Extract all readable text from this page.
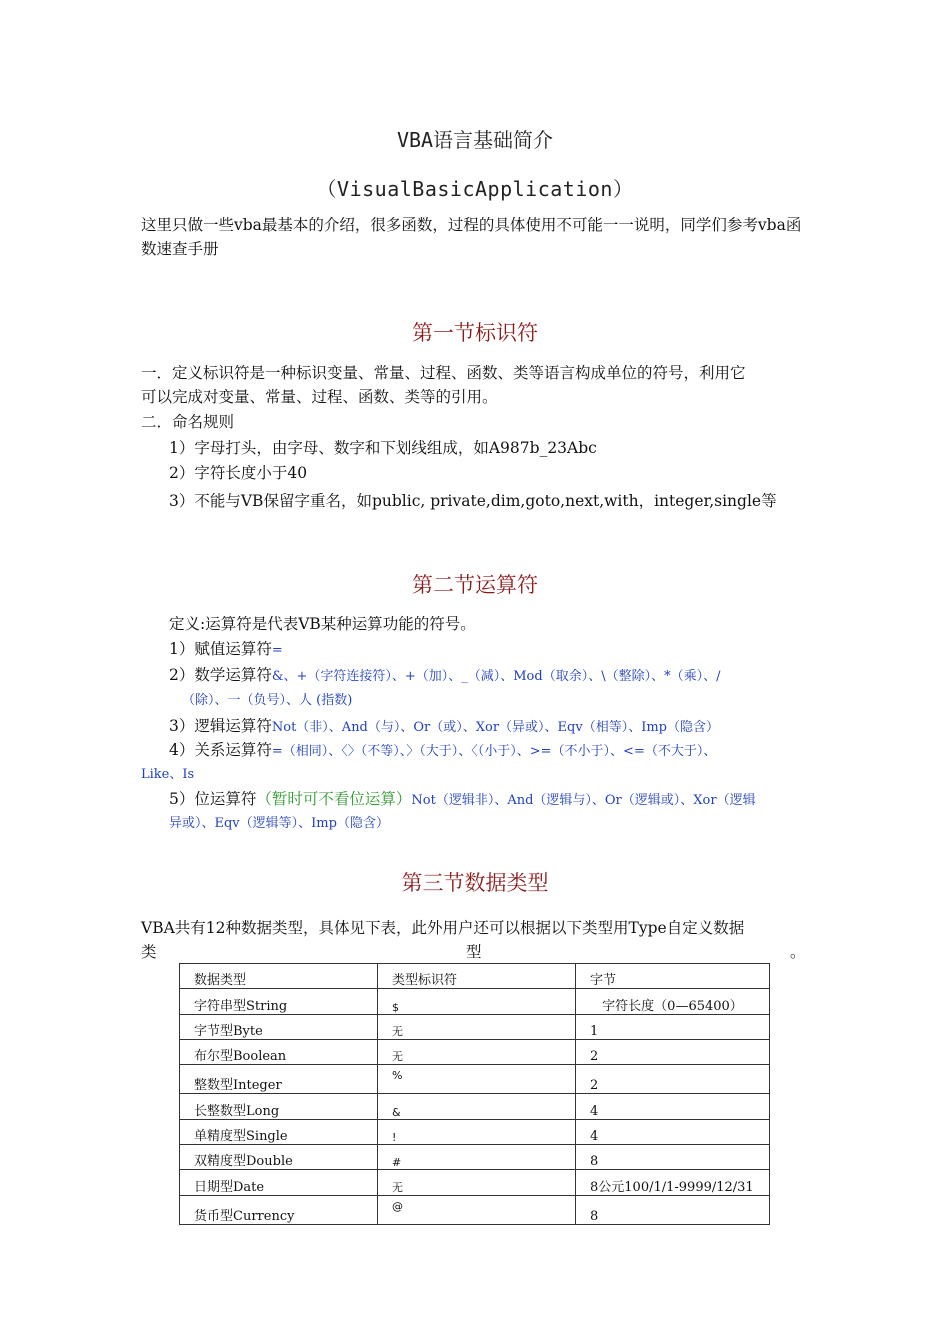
VBA语言基础简介
（VisualBasicApplication）
这里只做一些vba最基本的介绍，很多函数，过程的具体使用不可能一一说明，同学们参考vba函数速查手册
第一节标识符
一．定义标识符是一种标识变量、常量、过程、函数、类等语言构成单位的符号，利用它
可以完成对变量、常量、过程、函数、类等的引用。
二．命名规则
1）字母打头，由字母、数字和下划线组成，如A987b_23Abc
2）字符长度小于40
3）不能与VB保留字重名，如public, private,dim,goto,next,with，integer,single等
第二节运算符
定义:运算符是代表VB某种运算功能的符号。
1）赋值运算符=
2）数学运算符&、+（字符连接符）、+（加）、_（减）、Mod（取余）、\（整除）、*（乘）、/
（除）、一（负号）、人 (指数)
3）逻辑运算符Not（非）、And（与）、Or（或）、Xor（异或）、Eqv（相等）、Imp（隐含）
4）关系运算符=（相同）、〈〉（不等）、〉（大于）、〈（小于）、>=（不小于）、<=（不大于）、
Like、Is
5）位运算符（暂时可不看位运算）Not（逻辑非）、And（逻辑与）、Or（逻辑或）、Xor（逻辑
异或）、Eqv（逻辑等）、Imp（隐含）
第三节数据类型
VBA共有12种数据类型，具体见下表，此外用户还可以根据以下类型用Type自定义数据
类	型	。
数据类型	类型标识符	字节
字符串型String	$	字符长度（0—65400）
字节型Byte	无	1
布尔型Boolean	无	2
整数型Integer	%	2
长整数型Long	&	4
单精度型Single	!	4
双精度型Double	#	8
日期型Date	无	8公元100/1/1-9999/12/31
货币型Currency	@	8
